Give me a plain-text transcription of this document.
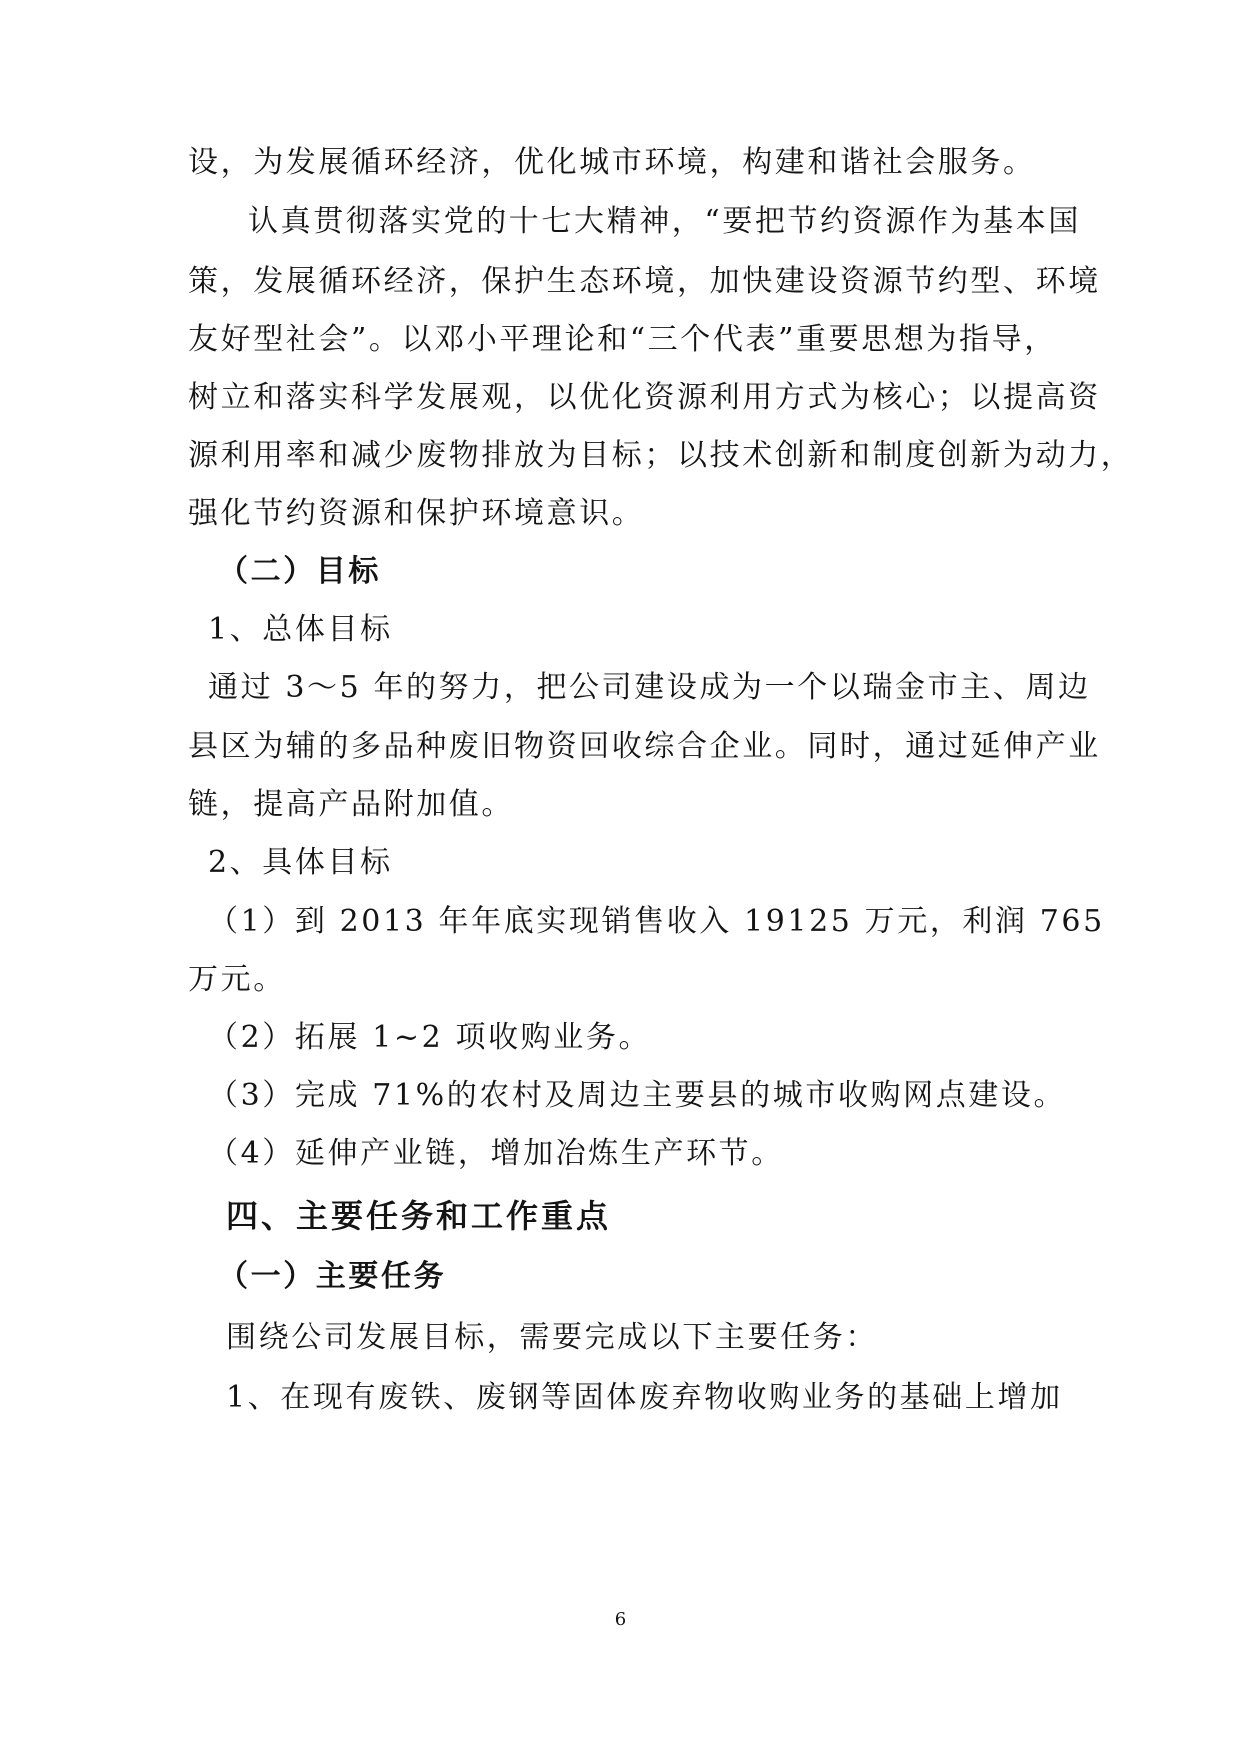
设，为发展循环经济，优化城市环境，构建和谐社会服务。
认真贯彻落实党的十七大精神，“要把节约资源作为基本国
策，发展循环经济，保护生态环境，加快建设资源节约型、环境
友好型社会”。以邓小平理论和“三个代表”重要思想为指导，
树立和落实科学发展观，以优化资源利用方式为核心；以提高资
源利用率和减少废物排放为目标；以技术创新和制度创新为动力，
强化节约资源和保护环境意识。
（二）目标
1、总体目标
通过 3～5 年的努力，把公司建设成为一个以瑞金市主、周边
县区为辅的多品种废旧物资回收综合企业。同时，通过延伸产业
链，提高产品附加值。
2、具体目标
（1）到 2013 年年底实现销售收入 19125 万元，利润 765
万元。
（2）拓展 1~2 项收购业务。
（3）完成 71%的农村及周边主要县的城市收购网点建设。
（4）延伸产业链，增加冶炼生产环节。
四、主要任务和工作重点
（一）主要任务
围绕公司发展目标，需要完成以下主要任务：
1、在现有废铁、废钢等固体废弃物收购业务的基础上增加
6
